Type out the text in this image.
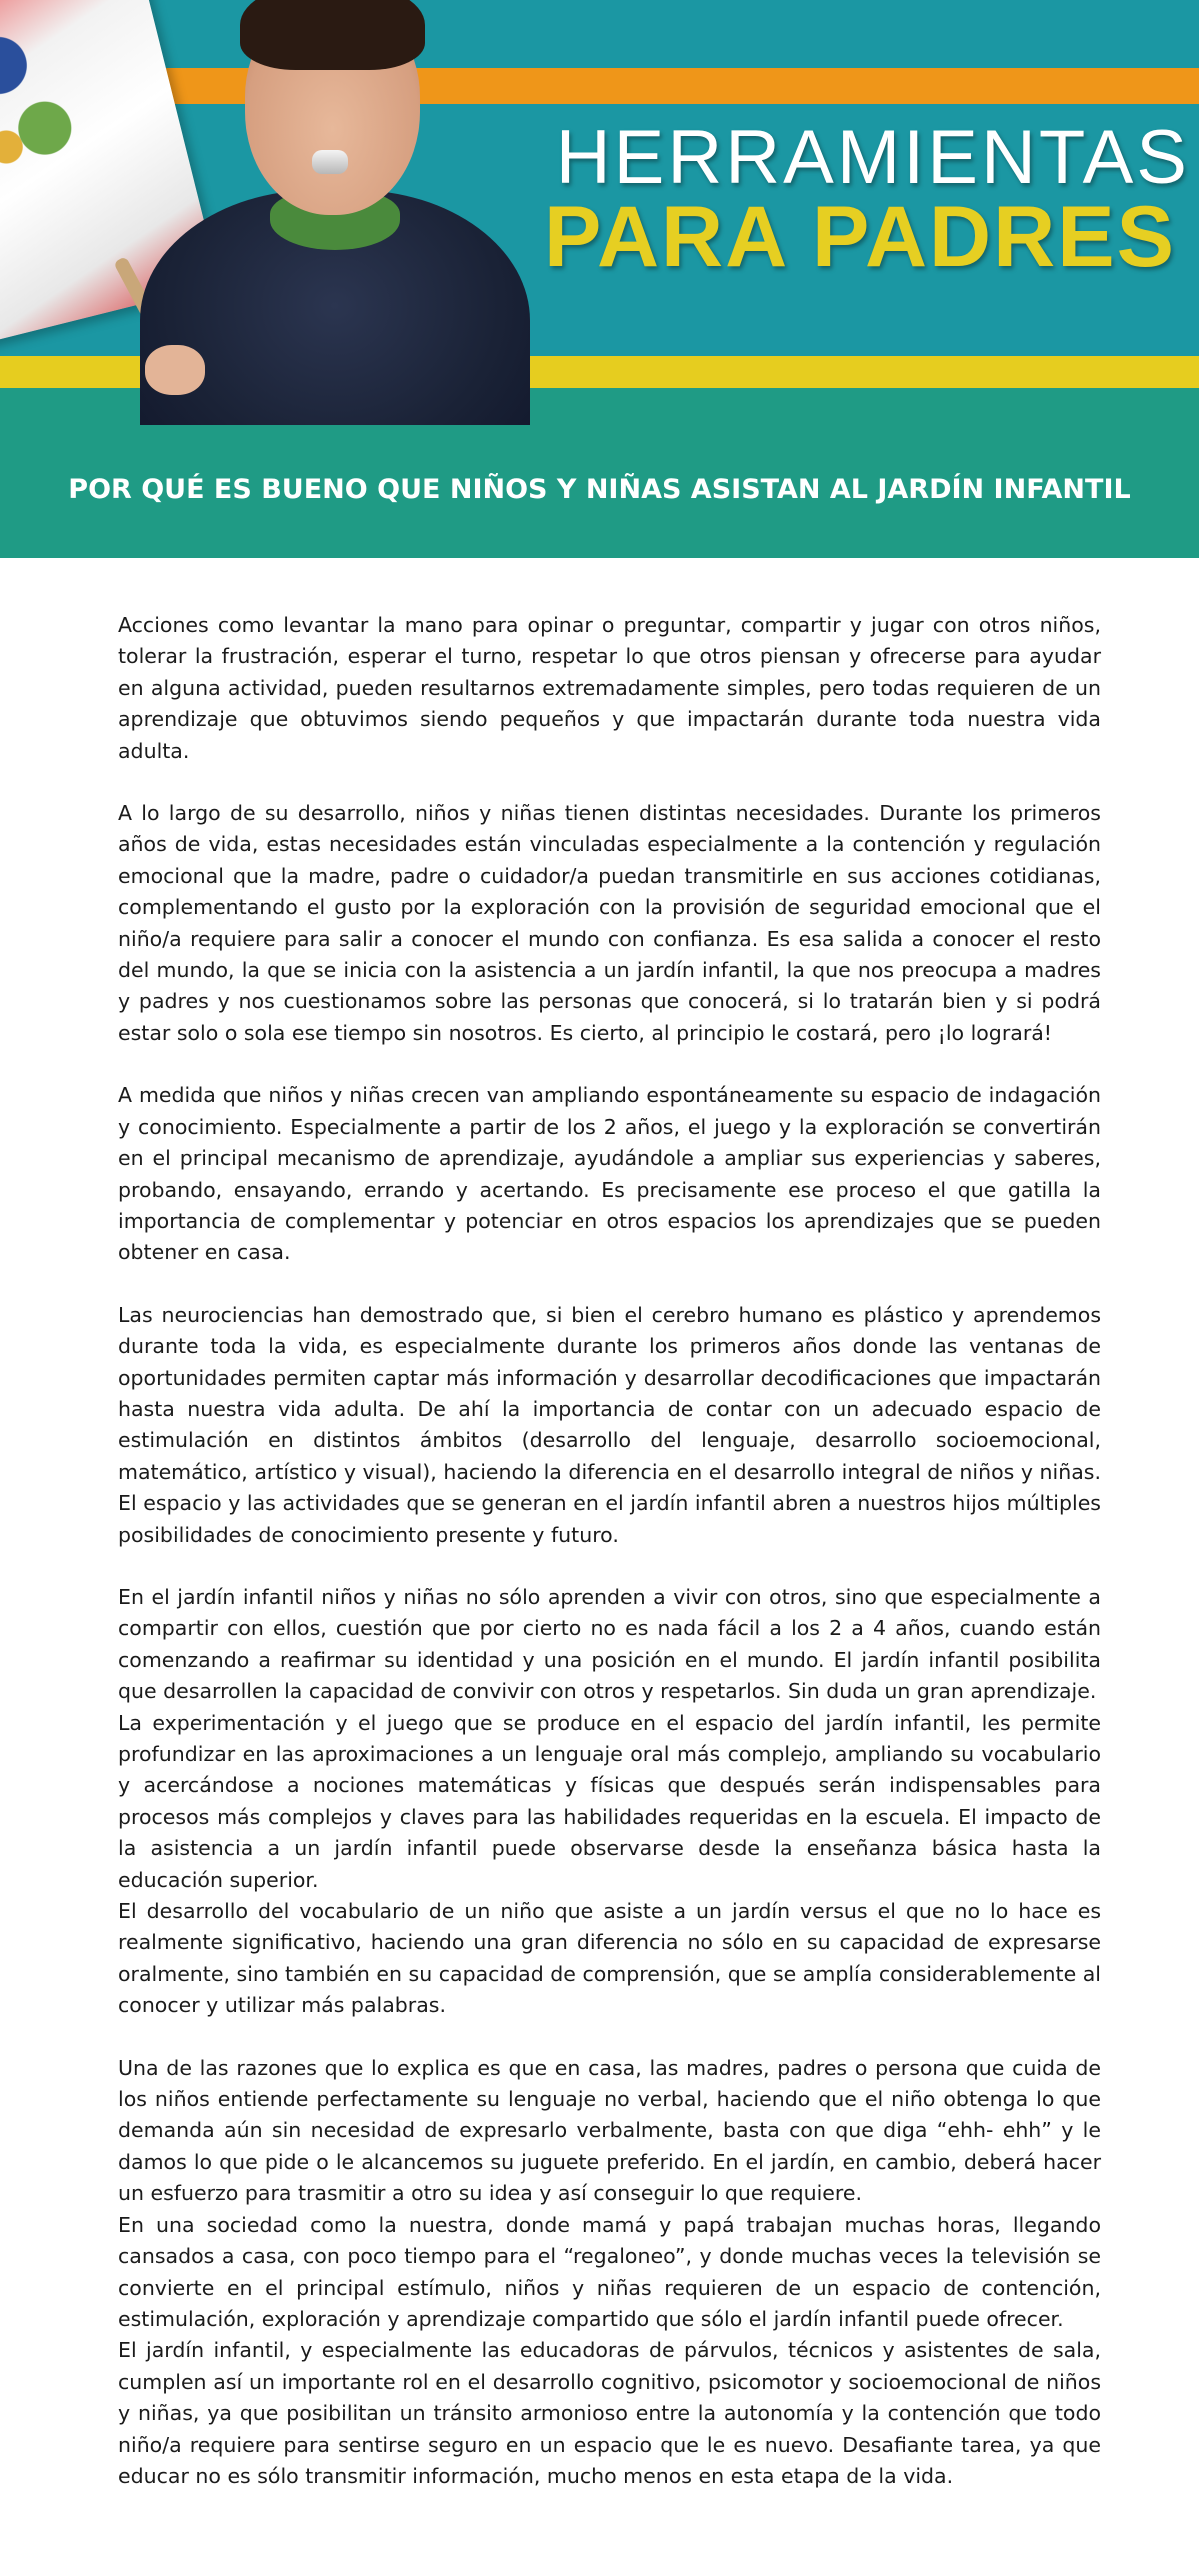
HERRAMIENTAS
PARA PADRES
POR QUÉ ES BUENO QUE NIÑOS Y NIÑAS ASISTAN AL JARDÍN INFANTIL

Acciones como levantar la mano para opinar o preguntar, compartir y jugar con otros niños, tolerar la frustración, esperar el turno, respetar lo que otros piensan y ofrecerse para ayudar en alguna actividad, pueden resultarnos extremadamente simples, pero todas requieren de un aprendizaje que obtuvimos siendo pequeños y que impactarán durante toda nuestra vida adulta.

A lo largo de su desarrollo, niños y niñas tienen distintas necesidades. Durante los primeros años de vida, estas necesidades están vinculadas especialmente a la contención y regulación emocional que la madre, padre o cuidador/a puedan transmitirle en sus acciones cotidianas, complementando el gusto por la exploración con la provisión de seguridad emocional que el niño/a requiere para salir a conocer el mundo con confianza. Es esa salida a conocer el resto del mundo, la que se inicia con la asistencia a un jardín infantil, la que nos preocupa a madres y padres y nos cuestionamos sobre las personas que conocerá, si lo tratarán bien y si podrá estar solo o sola ese tiempo sin nosotros. Es cierto, al principio le costará, pero ¡lo logrará!

A medida que niños y niñas crecen van ampliando espontáneamente su espacio de indagación y conocimiento. Especialmente a partir de los 2 años, el juego y la exploración se convertirán en el principal mecanismo de aprendizaje, ayudándole a ampliar sus experiencias y saberes, probando, ensayando, errando y acertando. Es precisamente ese proceso el que gatilla la importancia de complementar y potenciar en otros espacios los aprendizajes que se pueden obtener en casa.

Las neurociencias han demostrado que, si bien el cerebro humano es plástico y aprendemos durante toda la vida, es especialmente durante los primeros años donde las ventanas de oportunidades permiten captar más información y desarrollar decodificaciones que impactarán hasta nuestra vida adulta. De ahí la importancia de contar con un adecuado espacio de estimulación en distintos ámbitos (desarrollo del lenguaje, desarrollo socioemocional, matemático, artístico y visual), haciendo la diferencia en el desarrollo integral de niños y niñas. El espacio y las actividades que se generan en el jardín infantil abren a nuestros hijos múltiples posibilidades de conocimiento presente y futuro.

En el jardín infantil niños y niñas no sólo aprenden a vivir con otros, sino que especialmente a compartir con ellos, cuestión que por cierto no es nada fácil a los 2 a 4 años, cuando están comenzando a reafirmar su identidad y una posición en el mundo. El jardín infantil posibilita que desarrollen la capacidad de convivir con otros y respetarlos. Sin duda un gran aprendizaje.

La experimentación y el juego que se produce en el espacio del jardín infantil, les permite profundizar en las aproximaciones a un lenguaje oral más complejo, ampliando su vocabulario y acercándose a nociones matemáticas y físicas que después serán indispensables para procesos más complejos y claves para las habilidades requeridas en la escuela. El impacto de la asistencia a un jardín infantil puede observarse desde la enseñanza básica hasta la educación superior.

El desarrollo del vocabulario de un niño que asiste a un jardín versus el que no lo hace es realmente significativo, haciendo una gran diferencia no sólo en su capacidad de expresarse oralmente, sino también en su capacidad de comprensión, que se amplía considerablemente al conocer y utilizar más palabras.

Una de las razones que lo explica es que en casa, las madres, padres o persona que cuida de los niños entiende perfectamente su lenguaje no verbal, haciendo que el niño obtenga lo que demanda aún sin necesidad de expresarlo verbalmente, basta con que diga “ehh- ehh” y le damos lo que pide o le alcancemos su juguete preferido. En el jardín, en cambio, deberá hacer un esfuerzo para trasmitir a otro su idea y así conseguir lo que requiere.

En una sociedad como la nuestra, donde mamá y papá trabajan muchas horas, llegando cansados a casa, con poco tiempo para el “regaloneo”, y donde muchas veces la televisión se convierte en el principal estímulo, niños y niñas requieren de un espacio de contención, estimulación, exploración y aprendizaje compartido que sólo el jardín infantil puede ofrecer.

El jardín infantil, y especialmente las educadoras de párvulos, técnicos y asistentes de sala, cumplen así un importante rol en el desarrollo cognitivo, psicomotor y socioemocional de niños y niñas, ya que posibilitan un tránsito armonioso entre la autonomía y la contención que todo niño/a requiere para sentirse seguro en un espacio que le es nuevo. Desafiante tarea, ya que educar no es sólo transmitir información, mucho menos en esta etapa de la vida.
